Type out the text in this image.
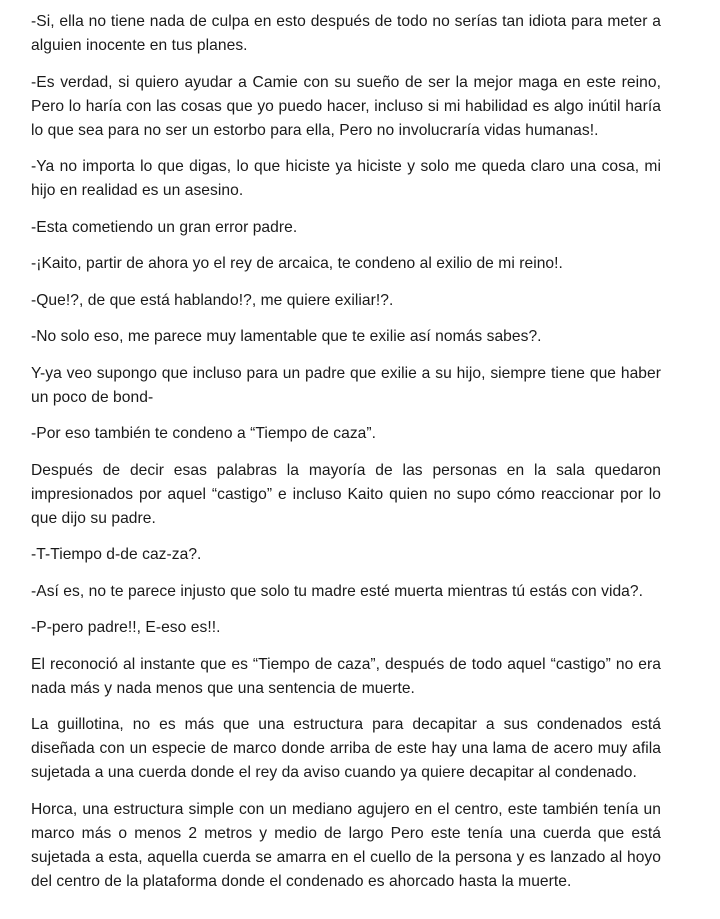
-Si, ella no tiene nada de culpa en esto después de todo no serías tan idiota para meter a alguien inocente en tus planes.

-Es verdad, si quiero ayudar a Camie con su sueño de ser la mejor maga en este reino, Pero lo haría con las cosas que yo puedo hacer, incluso si mi habilidad es algo inútil haría lo que sea para no ser un estorbo para ella, Pero no involucraría vidas humanas!.

-Ya no importa lo que digas, lo que hiciste ya hiciste y solo me queda claro una cosa, mi hijo en realidad es un asesino.

-Esta cometiendo un gran error padre.

-¡Kaito, partir de ahora yo el rey de arcaica, te condeno al exilio de mi reino!.

-Que!?, de que está hablando!?, me quiere exiliar!?.

-No solo eso, me parece muy lamentable que te exilie así nomás sabes?.

Y-ya veo supongo que incluso para un padre que exilie a su hijo, siempre tiene que haber un poco de bond-

-Por eso también te condeno a “Tiempo de caza”.

Después de decir esas palabras la mayoría de las personas en la sala quedaron impresionados por aquel “castigo” e incluso Kaito quien no supo cómo reaccionar por lo que dijo su padre.

-T-Tiempo d-de caz-za?.

-Así es, no te parece injusto que solo tu madre esté muerta mientras tú estás con vida?.

-P-pero padre!!, E-eso es!!.

El reconoció al instante que es “Tiempo de caza”, después de todo aquel “castigo” no era nada más y nada menos que una sentencia de muerte.

La guillotina, no es más que una estructura para decapitar a sus condenados está diseñada con un especie de marco donde arriba de este hay una lama de acero muy afila sujetada a una cuerda donde el rey da aviso cuando ya quiere decapitar al condenado.

Horca, una estructura simple con un mediano agujero en el centro, este también tenía un marco más o menos 2 metros y medio de largo Pero este tenía una cuerda que está sujetada a esta, aquella cuerda se amarra en el cuello de la persona y es lanzado al hoyo del centro de la plataforma donde el condenado es ahorcado hasta la muerte.
